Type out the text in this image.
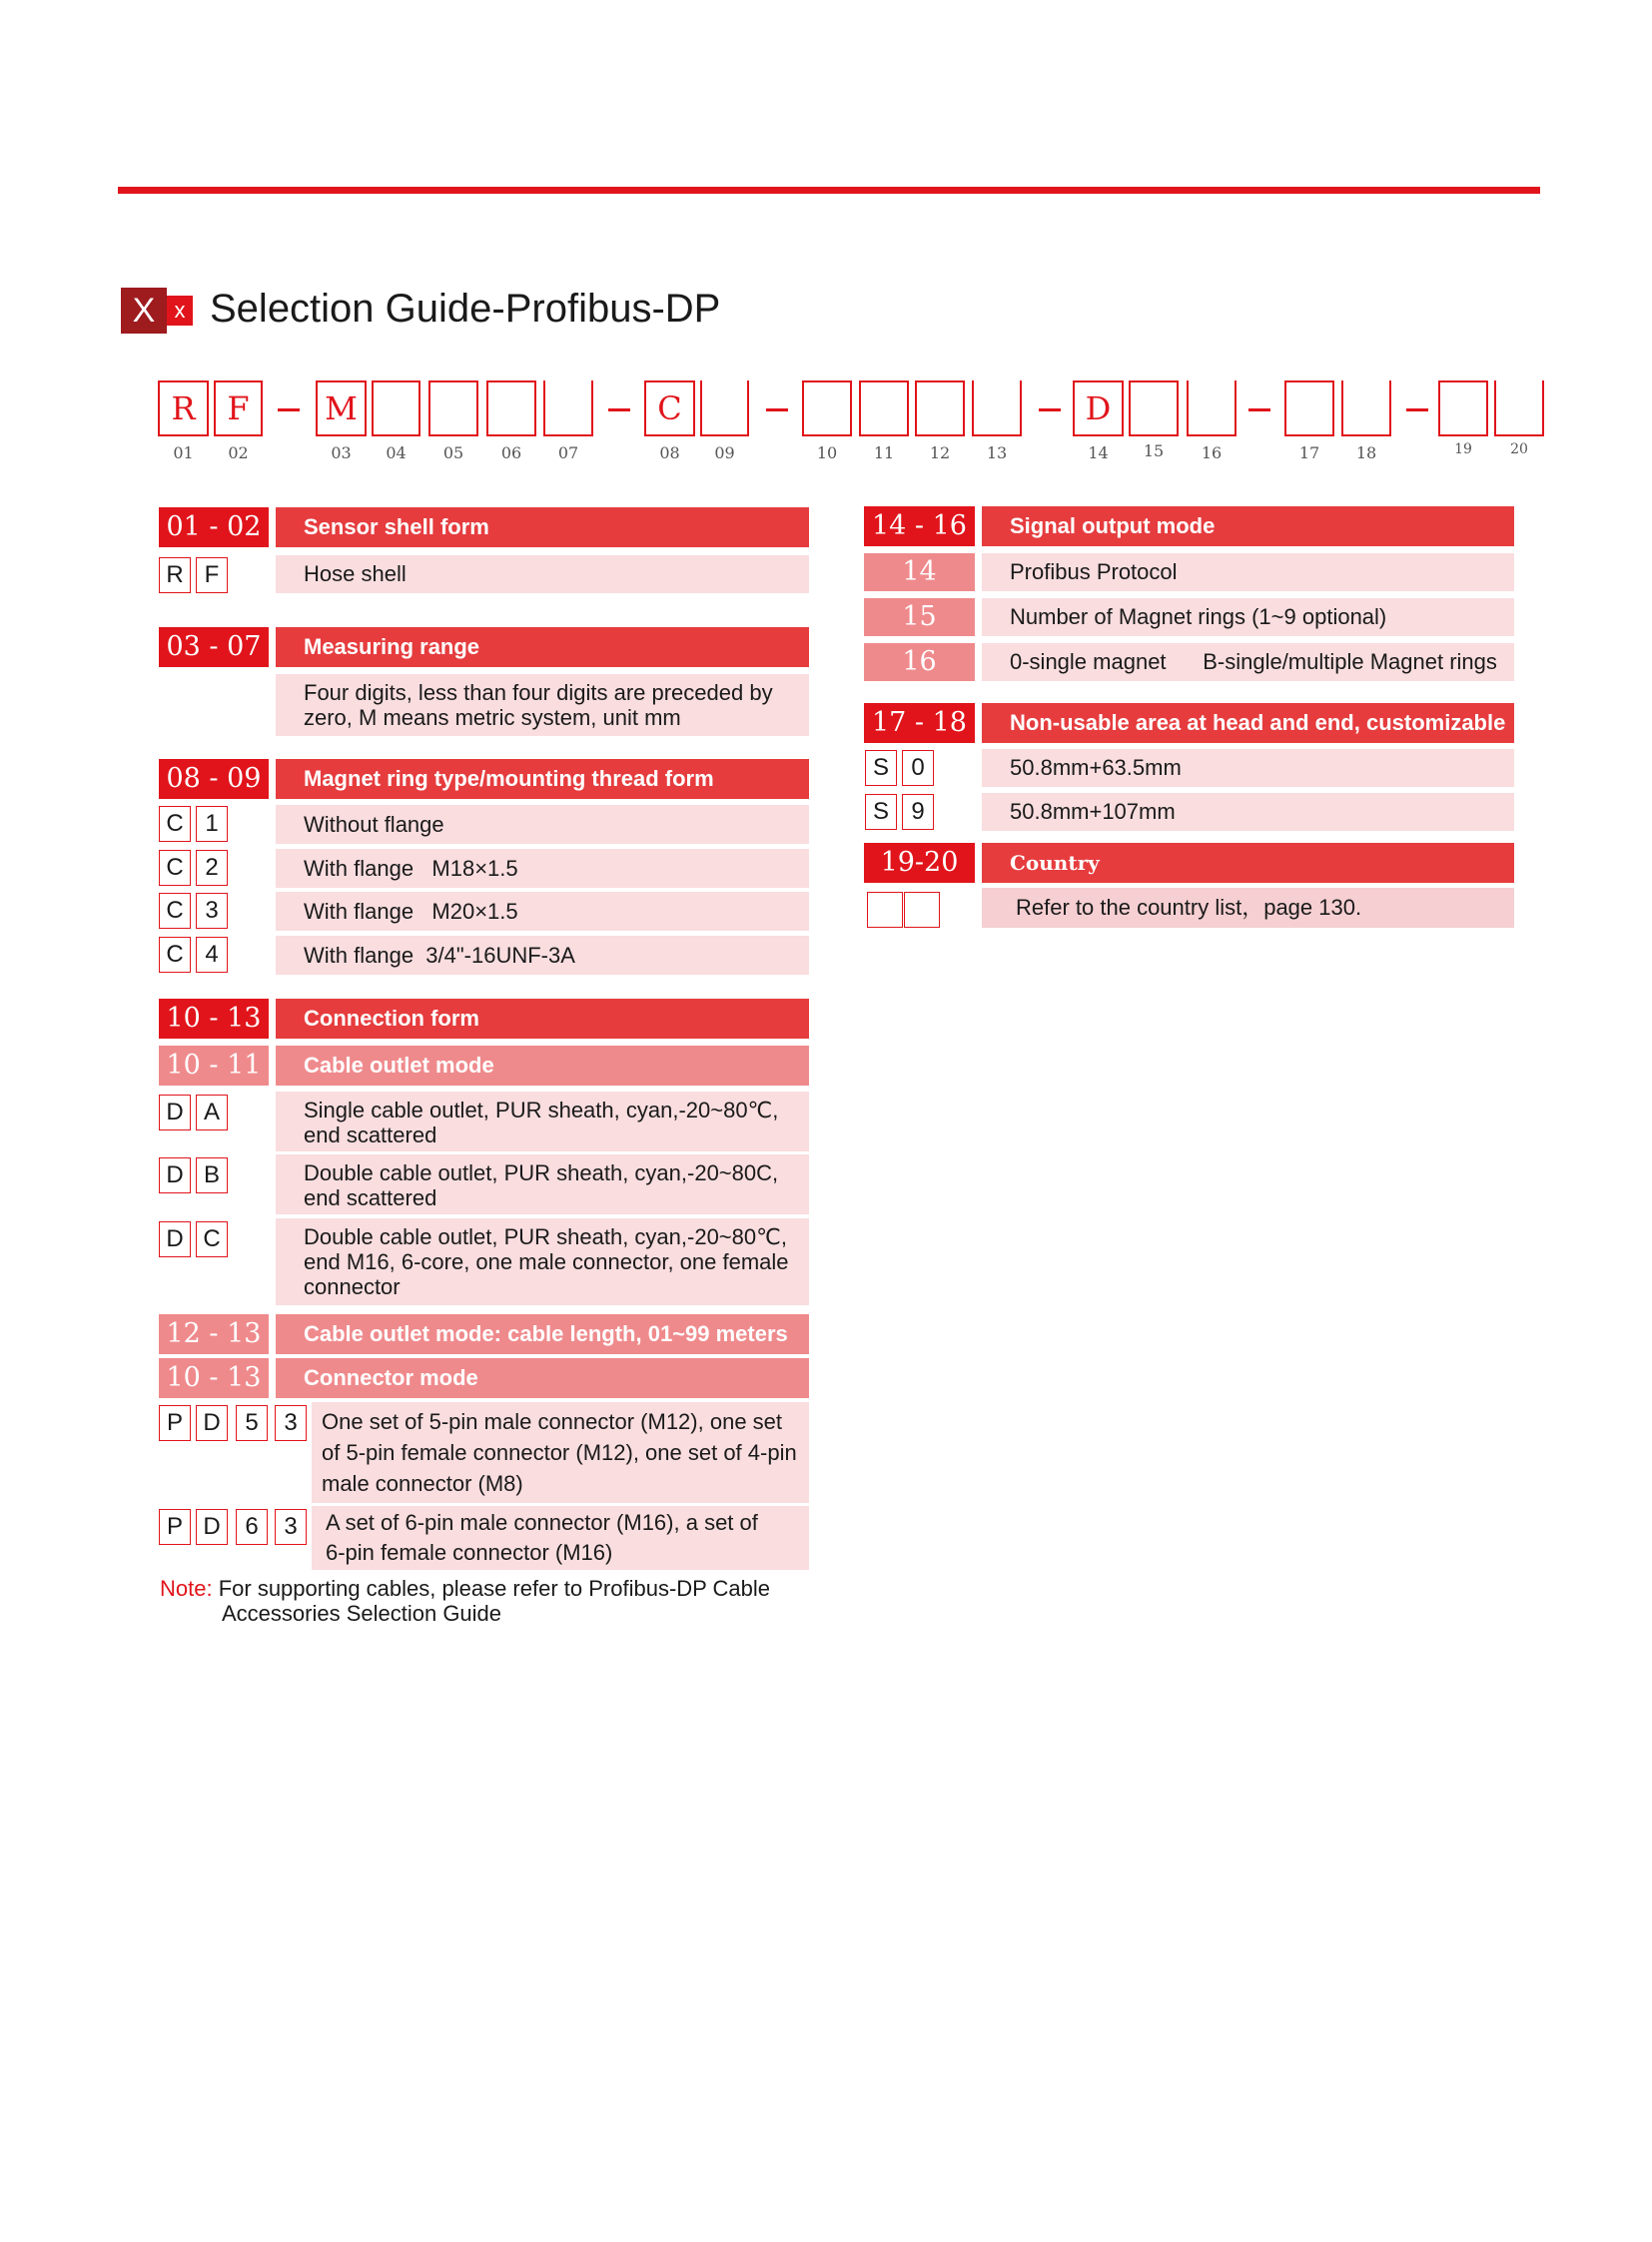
X x Selection Guide-Profibus-DP
R
01
F
02
M
03	04	05	06	07
C
08	09	10	11	12	13
D
14	15	16	17	18	19	20
01 - 02	Sensor shell form
R F	Hose shell
03 - 07	Measuring range
Four digits, less than four digits are preceded by
zero, M means metric system, unit mm
08 - 09	Magnet ring type/mounting thread form
C 1	Without flange
C 2	With flange   M18×1.5
C 3	With flange   M20×1.5
C 4	With flange  3/4"-16UNF-3A
10 - 13	Connection form
10 - 11	Cable outlet mode
D A	Single cable outlet, PUR sheath, cyan,-20~80℃,
end scattered
D B	Double cable outlet, PUR sheath, cyan,-20~80C,
end scattered
D C	Double cable outlet, PUR sheath, cyan,-20~80℃,
end M16, 6-core, one male connector, one female
connector
12 - 13	Cable outlet mode: cable length, 01~99 meters
10 - 13	Connector mode
P D	5	3	One set of 5-pin male connector (M12), one set
of 5-pin female connector (M12), one set of 4-pin
male connector (M8)
P D	6	3	A set of 6-pin male connector (M16), a set of
6-pin female connector (M16)
Note: For supporting cables, please refer to Profibus-DP Cable
Accessories Selection Guide
14 - 16	Signal output mode
14	Profibus Protocol
15	Number of Magnet rings (1~9 optional)
16	0-single magnet      B-single/multiple Magnet rings
17 - 18	Non-usable area at head and end, customizable
S 0	50.8mm+63.5mm
S 9	50.8mm+107mm
19-20	Country
Refer to the country list，page 130.
